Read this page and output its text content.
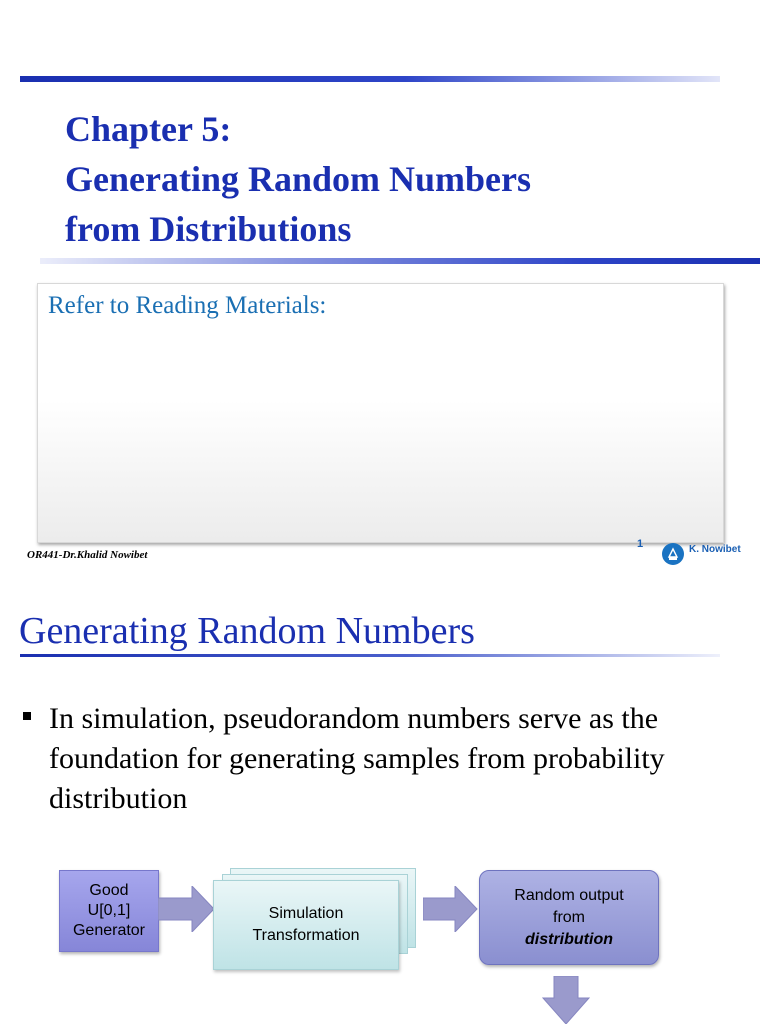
Chapter 5:
Generating Random Numbers
from Distributions
Refer to Reading Materials:
OR441-Dr.Khalid Nowibet
1	K. Nowibet
Generating Random Numbers
In simulation, pseudorandom numbers serve as the foundation for generating samples from probability distribution
Good
U[0,1]
Generator
Simulation
Transformation
Random output
from
distribution
